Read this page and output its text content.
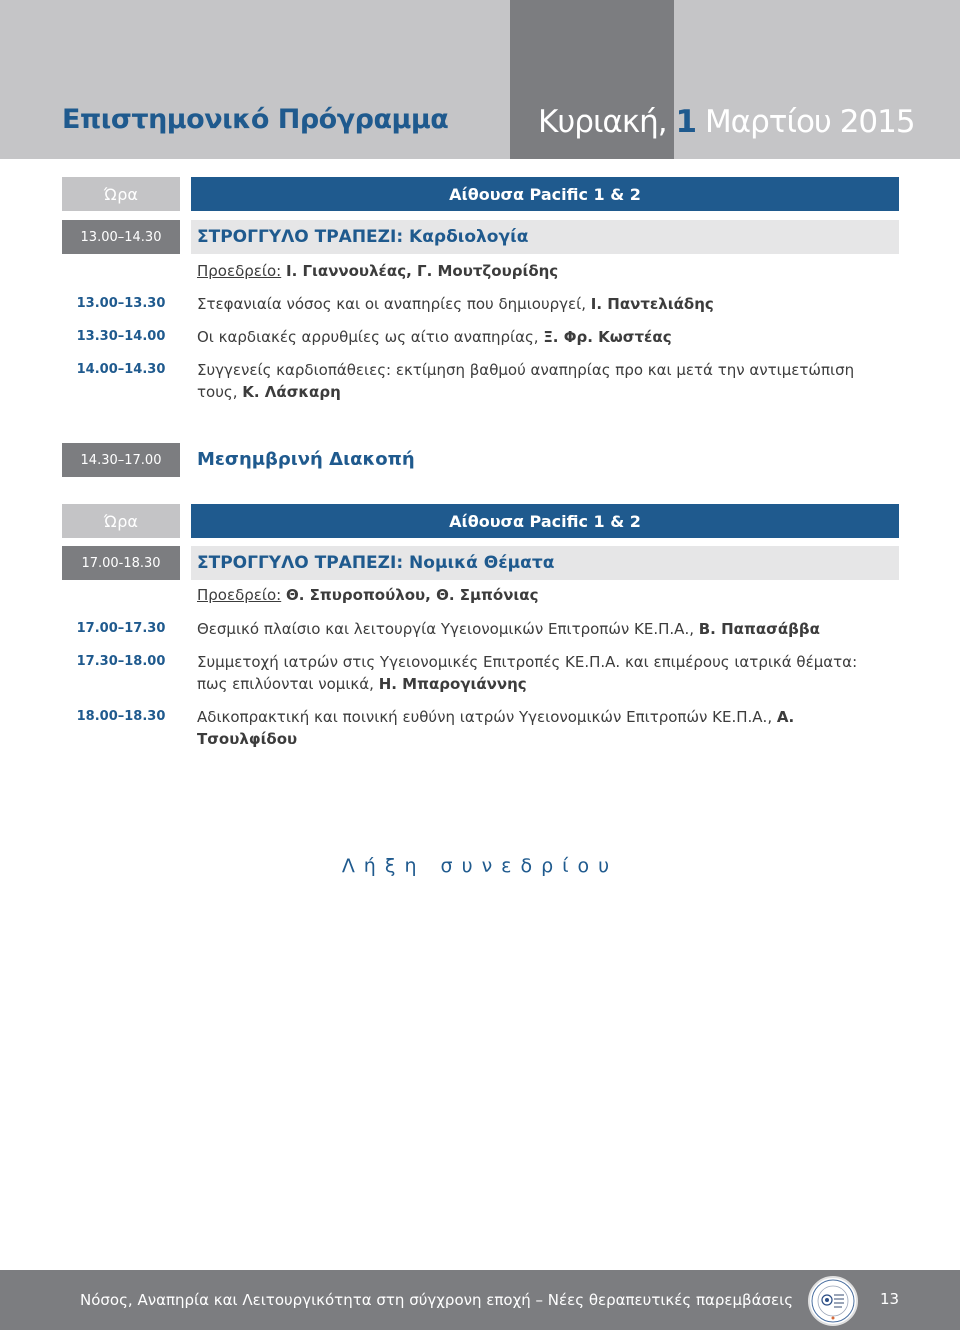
Επιστημονικό Πρόγραμμα	Κυριακή, 1 Μαρτίου 2015
Ώρα	Αίθουσα Pacific 1 & 2
13.00–14.30	ΣΤΡΟΓΓΥΛΟ ΤΡΑΠΕΖΙ: Καρδιολογία
Προεδρείο: Ι. Γιαννουλέας, Γ. Μουτζουρίδης
13.00–13.30	Στεφανιαία νόσος και οι αναπηρίες που δημιουργεί, Ι. Παντελιάδης
13.30–14.00	Οι καρδιακές αρρυθμίες ως αίτιο αναπηρίας, Ξ. Φρ. Κωστέας
14.00–14.30	Συγγενείς καρδιοπάθειες: εκτίμηση βαθμού αναπηρίας προ και μετά την αντιμετώπιση τους, Κ. Λάσκαρη
14.30–17.00	Μεσημβρινή Διακοπή
Ώρα	Αίθουσα Pacific 1 & 2
17.00-18.30	ΣΤΡΟΓΓΥΛΟ ΤΡΑΠΕΖΙ: Νομικά Θέματα
Προεδρείο: Θ. Σπυροπούλου, Θ. Σμπόνιας
17.00–17.30	Θεσμικό πλαίσιο και λειτουργία Υγειονομικών Επιτροπών ΚΕ.Π.Α., Β. Παπασάββα
17.30–18.00	Συμμετοχή ιατρών στις Υγειονομικές Επιτροπές ΚΕ.Π.Α. και επιμέρους ιατρικά θέματα: πως επιλύονται νομικά, Η. Μπαρογιάννης
18.00–18.30	Αδικοπρακτική και ποινική ευθύνη ιατρών Υγειονομικών Επιτροπών ΚΕ.Π.Α., Α. Τσουλφίδου
Λήξη συνεδρίου
Νόσος, Αναπηρία και Λειτουργικότητα στη σύγχρονη εποχή – Νέες θεραπευτικές παρεμβάσεις	13
